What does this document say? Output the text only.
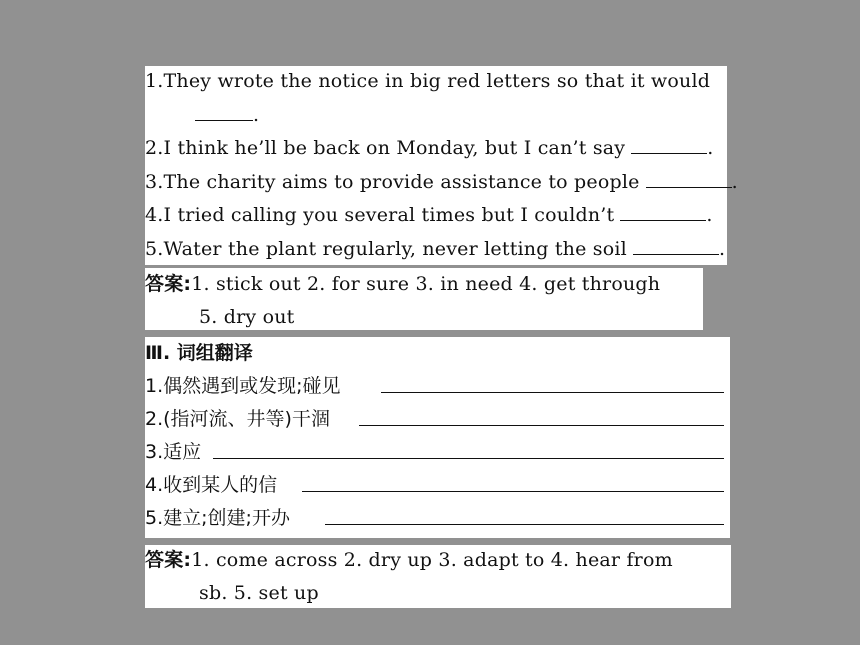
1.They wrote the notice in big red letters so that it would
.
2.I think he’ll be back on Monday, but I can’t say	.
3.The charity aims to provide assistance to people	.
4.I tried calling you several times but I couldn’t	.
5.Water the plant regularly, never letting the soil	.
答案:1. stick out 2. for sure 3. in need 4. get through
5. dry out
Ⅲ. 词组翻译
1.偶然遇到或发现;碰见
2.(指河流、井等)干涸
3.适应
4.收到某人的信
5.建立;创建;开办
答案:1. come across 2. dry up 3. adapt to 4. hear from
sb. 5. set up
